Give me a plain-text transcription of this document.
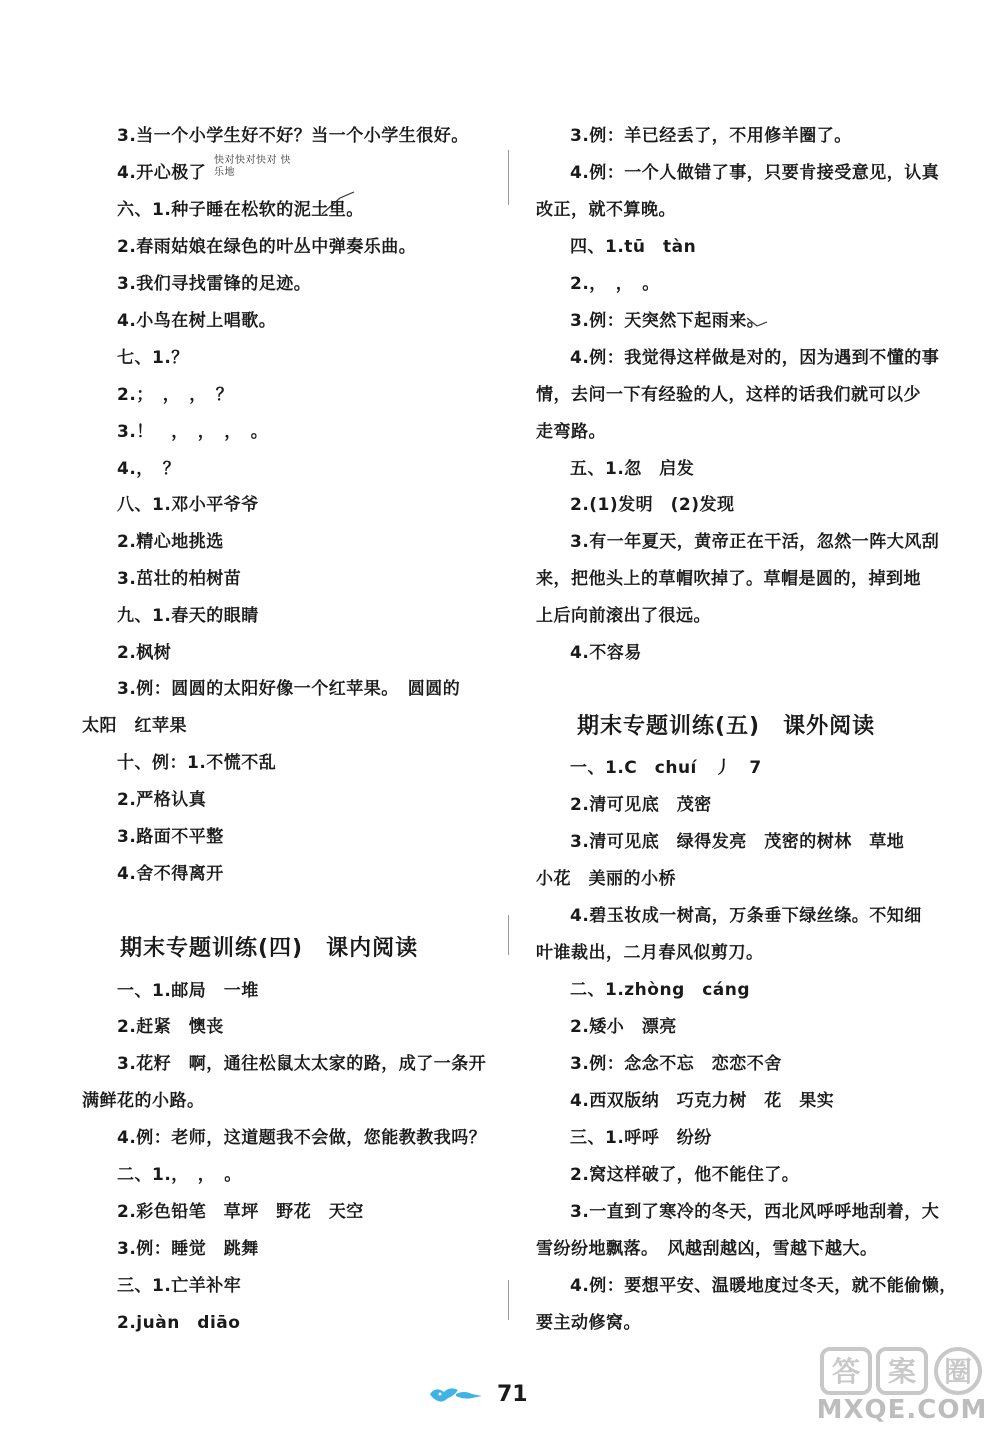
3.当一个小学生好不好？当一个小学生很好。
4.开心极了
快对快对快对 快乐地
六、1.种子睡在松软的泥土里。
2.春雨姑娘在绿色的叶丛中弹奏乐曲。
3.我们寻找雷锋的足迹。
4.小鸟在树上唱歌。
七、1.？
2.；　，　，　？
3.！　，　，　，　。
4.，　？
八、1.邓小平爷爷
2.精心地挑选
3.茁壮的柏树苗
九、1.春天的眼睛
2.枫树
3.例：圆圆的太阳好像一个红苹果。　圆圆的
太阳　红苹果
十、例：1.不慌不乱
2.严格认真
3.路面不平整
4.舍不得离开
期末专题训练(四)　课内阅读
一、1.邮局　一堆
2.赶紧　懊丧
3.花籽　啊，通往松鼠太太家的路，成了一条开
满鲜花的小路。
4.例：老师，这道题我不会做，您能教教我吗？
二、1.，　，　。
2.彩色铅笔　草坪　野花　天空
3.例：睡觉　跳舞
三、1.亡羊补牢
2.juàn　diāo
3.例：羊已经丢了，不用修羊圈了。
4.例：一个人做错了事，只要肯接受意见，认真
改正，就不算晚。
四、1.tū　tàn
2.，　，　。
3.例：天突然下起雨来。
4.例：我觉得这样做是对的，因为遇到不懂的事
情，去问一下有经验的人，这样的话我们就可以少
走弯路。
五、1.忽　启发
2.(1)发明　(2)发现
3.有一年夏天，黄帝正在干活，忽然一阵大风刮
来，把他头上的草帽吹掉了。草帽是圆的，掉到地
上后向前滚出了很远。
4.不容易
期末专题训练(五)　课外阅读
一、1.C　chuí　丿　7
2.清可见底　茂密
3.清可见底　绿得发亮　茂密的树林　草地
小花　美丽的小桥
4.碧玉妆成一树高，万条垂下绿丝绦。不知细
叶谁裁出，二月春风似剪刀。
二、1.zhòng　cáng
2.矮小　漂亮
3.例：念念不忘　恋恋不舍
4.西双版纳　巧克力树　花　果实
三、1.呼呼　纷纷
2.窝这样破了，他不能住了。
3.一直到了寒冷的冬天，西北风呼呼地刮着，大
雪纷纷地飘落。　风越刮越凶，雪越下越大。
4.例：要想平安、温暖地度过冬天，就不能偷懒，
要主动修窝。
71
答 案 圈
MXQE.COM
